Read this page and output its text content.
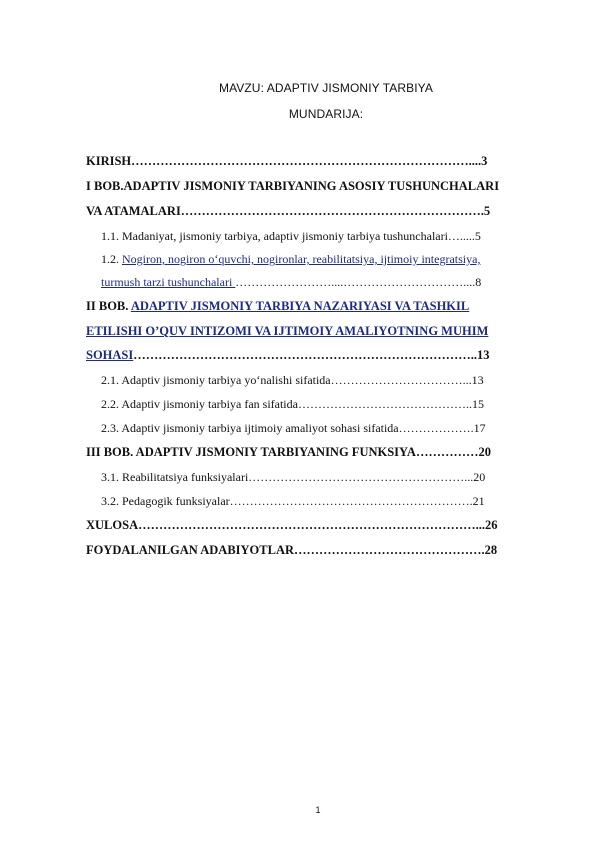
MAVZU: ADAPTIV JISMONIY TARBIYA
MUNDARIJA:
KIRISH………………………………………………………………………....3
I BOB.ADAPTIV JISMONIY TARBIYANING ASOSIY TUSHUNCHALARI
VA ATAMALARI……………………………………………………………….5
1.1. Madaniyat, jismoniy tarbiya, adaptiv jismoniy tarbiya tushunchalari….....5
1.2. Nogiron, nogiron o‘quvchi, nogironlar, reabilitatsiya, ijtimoiy integratsiya,
turmush tarzi tushunchalari ……………………....…………………………....8
II BOB. ADAPTIV JISMONIY TARBIYA NAZARIYASI VA TASHKIL
ETILISHI O’QUV INTIZOMI VA IJTIMOIY AMALIYOTNING MUHIM
SOHASI………………………………………………………………………..13
2.1. Adaptiv jismoniy tarbiya yo‘nalishi sifatida……………………………...13
2.2. Adaptiv jismoniy tarbiya fan sifatida……………………………………..15
2.3. Adaptiv jismoniy tarbiya ijtimoiy amaliyot sohasi sifatida……………….17
III BOB. ADAPTIV JISMONIY TARBIYANING FUNKSIYA……………20
3.1. Reabilitatsiya funksiyalari………………………………………………...20
3.2. Pedagogik funksiyalar…………………………………………………….21
XULOSA………………………………………………………………………...26
FOYDALANILGAN ADABIYOTLAR……………………………………….28
1
